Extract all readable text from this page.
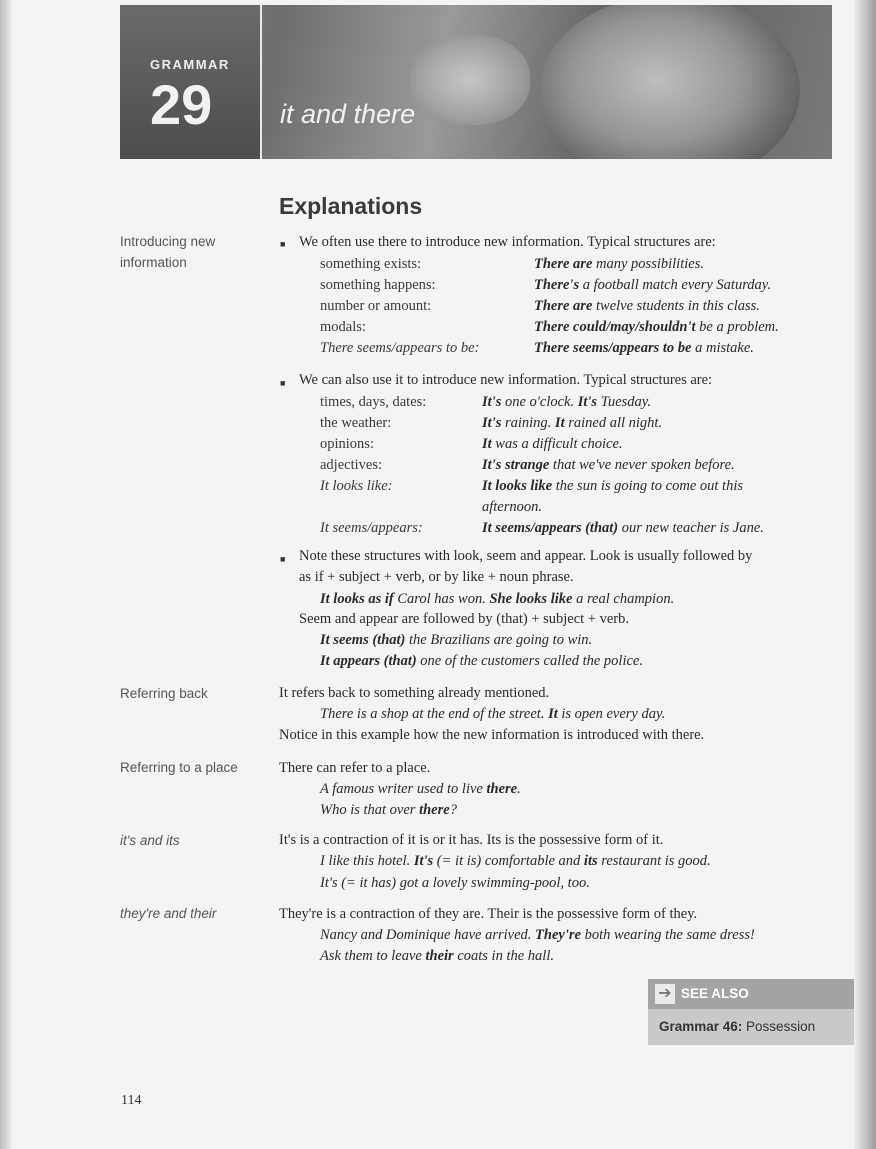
GRAMMAR
29	it and there
Explanations
Introducing new information
■ We often use there to introduce new information. Typical structures are:
something exists:	There are many possibilities.
something happens:	There's a football match every Saturday.
number or amount:	There are twelve students in this class.
modals:	There could/may/shouldn't be a problem.
There seems/appears to be:	There seems/appears to be a mistake.
■ We can also use it to introduce new information. Typical structures are:
times, days, dates:	It's one o'clock. It's Tuesday.
the weather:	It's raining. It rained all night.
opinions:	It was a difficult choice.
adjectives:	It's strange that we've never spoken before.
It looks like:	It looks like the sun is going to come out this
afternoon.
It seems/appears:	It seems/appears (that) our new teacher is Jane.
■ Note these structures with look, seem and appear. Look is usually followed by
as if + subject + verb, or by like + noun phrase.
It looks as if Carol has won. She looks like a real champion.
Seem and appear are followed by (that) + subject + verb.
It seems (that) the Brazilians are going to win.
It appears (that) one of the customers called the police.
Referring back	It refers back to something already mentioned.
There is a shop at the end of the street. It is open every day.
Notice in this example how the new information is introduced with there.
Referring to a place	There can refer to a place.
A famous writer used to live there.
Who is that over there?
it's and its	It's is a contraction of it is or it has. Its is the possessive form of it.
I like this hotel. It's (= it is) comfortable and its restaurant is good.
It's (= it has) got a lovely swimming-pool, too.
they're and their	They're is a contraction of they are. Their is the possessive form of they.
Nancy and Dominique have arrived. They're both wearing the same dress!
Ask them to leave their coats in the hall.
➔ SEE ALSO
Grammar 46: Possession
114
